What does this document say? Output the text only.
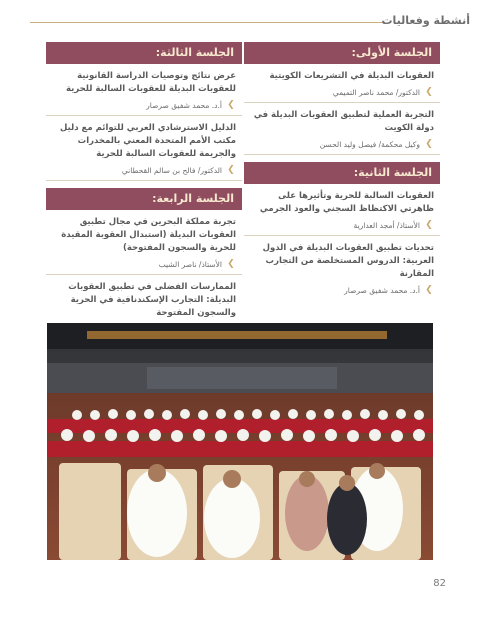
أنشطة وفعاليات
الجلسة الأولى:
العقوبات البديلة في التشريعات الكويتية
❮
الدكتور/ محمد ناصر التميمي
التجربة العملية لتطبيق العقوبات البديلة في دولة الكويت
❮
وكيل محكمة/ فيصل وليد الحسن
الجلسة الثانية:
العقوبات السالبة للحرية وتأثيرها على ظاهرتي الاكتظاظ السجني والعود الجرمي
❮
الأستاذ/ أمجد العدارية
تحديات تطبيق العقوبات البديلة في الدول العربية: الدروس المستخلصة من التجارب المقارنة
❮
أ.د. محمد شفيق صرصار
الجلسة الثالثة:
عرض نتائج وتوصيات الدراسة القانونية للعقوبات البديلة للعقوبات السالبة للحرية
❮
أ.د. محمد شفيق صرصار
الدليل الاسترشادي العربي للتوائم مع دليل مكتب الأمم المتحدة المعني بالمخدرات والجريمة للعقوبات السالبة للحرية
❮
الدكتور/ فالح بن سالم القحطاني
الجلسة الرابعة:
تجربة مملكة البحرين في مجال تطبيق العقوبات البديلة (استبدال العقوبة المقيدة للحرية والسجون المفتوحة)
❮
الأستاذ/ ناصر الشيب
الممارسات الفضلى في تطبيق العقوبات البديلة: التجارب الإسكندنافية في الحرية والسجون المفتوحة
82
